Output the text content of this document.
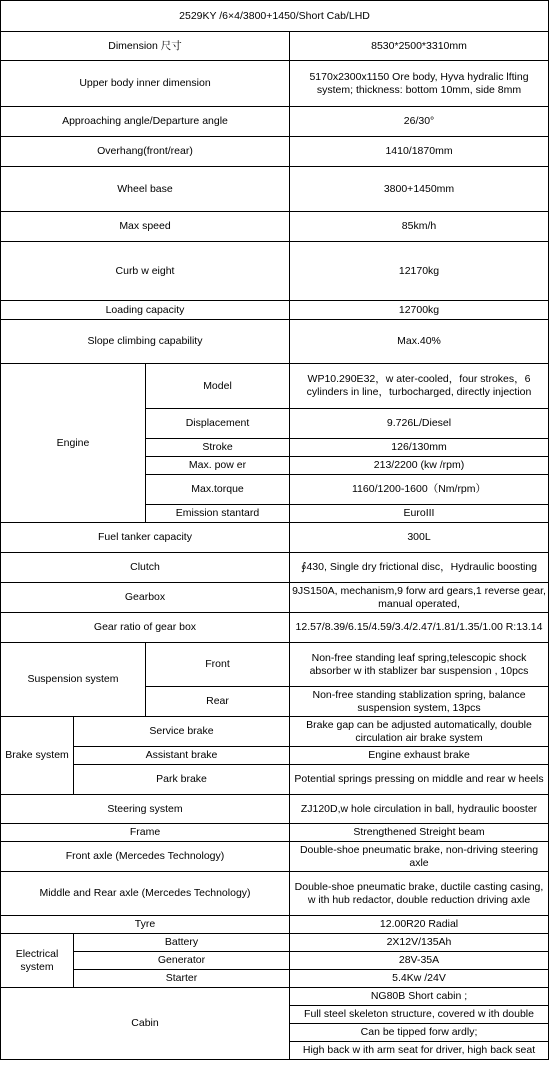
2529KY /6×4/3800+1450/Short Cab/LHD			
Dimension 尺寸			8530*2500*3310mm
Upper body inner dimension			5170x2300x1150 Ore body, Hyva hydralic lfting system; thickness: bottom 10mm, side 8mm
Approaching angle/Departure angle			26/30°
Overhang(front/rear)			1410/1870mm
Wheel base			3800+1450mm
Max speed			85km/h
Curb w eight			12170kg
Loading capacity			12700kg
Slope climbing capability			Max.40%
Engine		Model	WP10.290E32，w ater-cooled，four strokes，6 cylinders in line，turbocharged, directly injection
		Displacement	9.726L/Diesel
		Stroke	126/130mm
		Max. pow er	213/2200 (kw /rpm)
		Max.torque	1160/1200-1600（Nm/rpm）
		Emission stantard	EuroIII
Fuel tanker capacity			300L
Clutch			∮430, Single dry frictional disc，Hydraulic boosting
Gearbox			9JS150A, mechanism,9 forw ard gears,1 reverse gear, manual operated,
Gear ratio of gear box			12.57/8.39/6.15/4.59/3.4/2.47/1.81/1.35/1.00 R:13.14
Suspension system		Front	Non-free standing leaf spring,telescopic shock absorber w ith stablizer bar suspension , 10pcs
		Rear	Non-free standing stablization spring, balance suspension system, 13pcs
Brake system	Service brake		Brake gap can be adjusted automatically, double circulation air brake system
	Assistant brake		Engine exhaust brake
	Park brake		Potential springs pressing on middle and rear w heels
Steering system			ZJ120D,w hole circulation in ball, hydraulic booster
Frame			Strengthened Streight beam
Front axle (Mercedes Technology)			Double-shoe pneumatic brake, non-driving steering axle
Middle and Rear axle (Mercedes Technology)			Double-shoe pneumatic brake, ductile casting casing, w ith hub redactor, double reduction driving axle
Tyre			12.00R20 Radial
Electrical system	Battery		2X12V/135Ah
	Generator		28V-35A
	Starter		5.4Kw /24V
Cabin			NG80B Short cabin ;
			Full steel skeleton structure, covered w ith double
			Can be tipped forw ardly;
			High back w ith arm seat for driver, high back seat
